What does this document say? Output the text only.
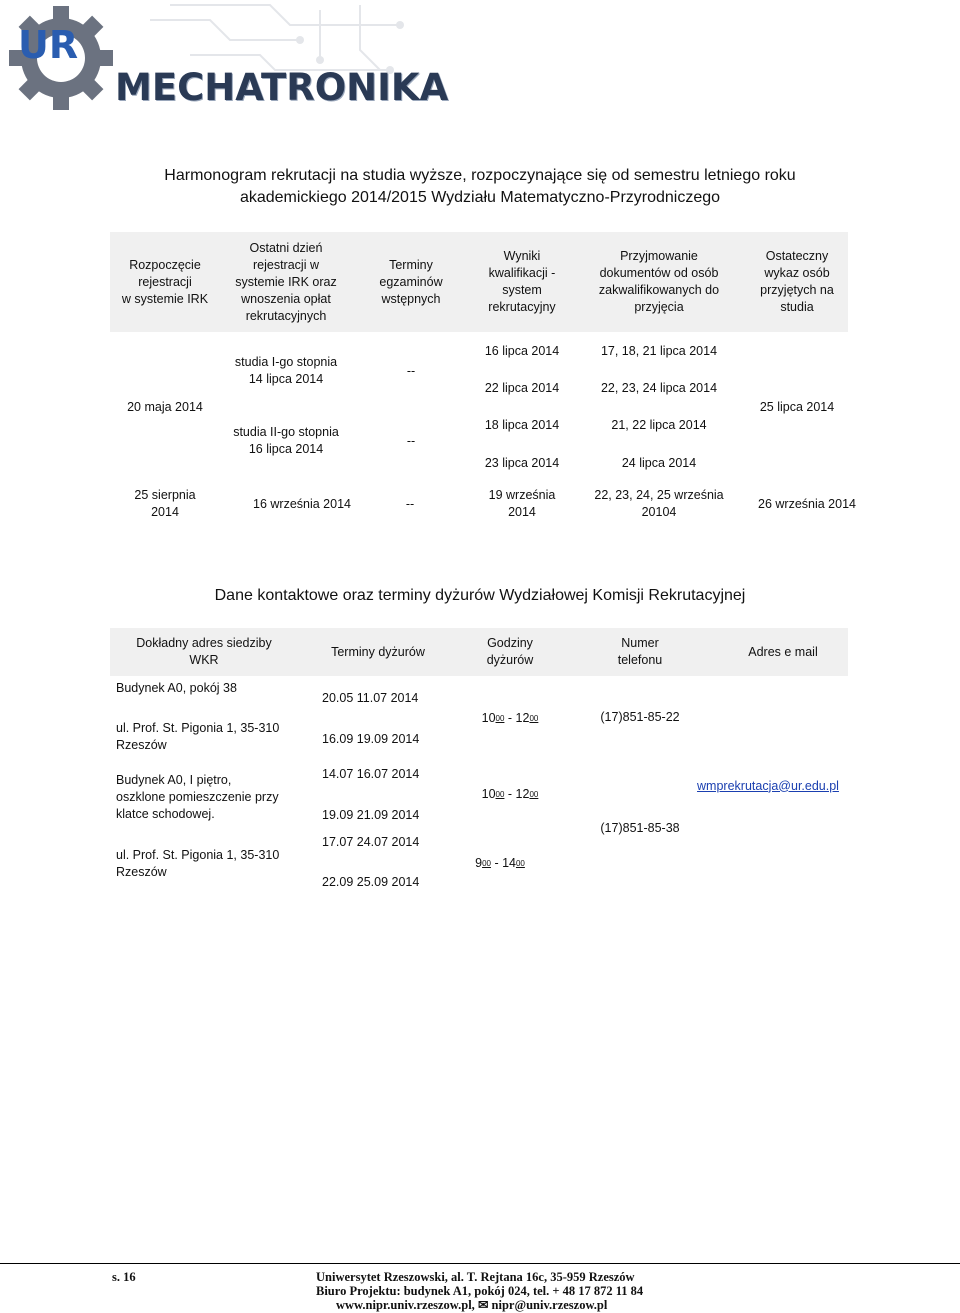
UR
MECHATRONIKA
Harmonogram rekrutacji na studia wyższe, rozpoczynające się od semestru letniego roku
akademickiego 2014/2015 Wydziału Matematyczno-Przyrodniczego
Rozpoczęcie
rejestracji
w systemie IRK
Ostatni dzień
rejestracji w
systemie IRK oraz
wnoszenia opłat
rekrutacyjnych
Terminy
egzaminów
wstępnych
Wyniki
kwalifikacji -
system
rekrutacyjny
Przyjmowanie
dokumentów od osób
zakwalifikowanych do
przyjęcia
Ostateczny
wykaz osób
przyjętych na
studia
20 maja 2014
studia I-go stopnia
14 lipca 2014
studia II-go stopnia
16 lipca 2014
--
--
16 lipca 2014
22 lipca 2014
18 lipca 2014
23 lipca 2014
17, 18, 21 lipca 2014
22, 23, 24 lipca 2014
21, 22 lipca 2014
24 lipca 2014
25 lipca 2014
25 sierpnia
2014
16 września 2014	--
19 września
2014
22, 23, 24, 25 września
20104
26 września 2014
Dane kontaktowe oraz terminy dyżurów Wydziałowej Komisji Rekrutacyjnej
Dokładny adres siedziby
WKR
Terminy dyżurów
Godziny
dyżurów
Numer
telefonu
Adres e mail
Budynek A0, pokój 38
ul. Prof. St. Pigonia 1, 35-310
Rzeszów
Budynek A0, I piętro,
oszklone pomieszczenie przy
klatce schodowej.
ul. Prof. St. Pigonia 1, 35-310
Rzeszów
20.05 11.07 2014
16.09 19.09 2014
14.07 16.07 2014
19.09 21.09 2014
17.07 24.07 2014
22.09 25.09 2014
10 00 - 12 00
10 00 - 12 00
9 00 - 14 00
(17)851-85-22
(17)851-85-38
wmprekrutacja@ur.edu.pl
s. 16	Uniwersytet Rzeszowski, al. T. Rejtana 16c, 35-959 Rzeszów
Biuro Projektu: budynek A1, pokój 024, tel. + 48 17 872 11 84
www.nipr.univ.rzeszow.pl, ✉ nipr@univ.rzeszow.pl
